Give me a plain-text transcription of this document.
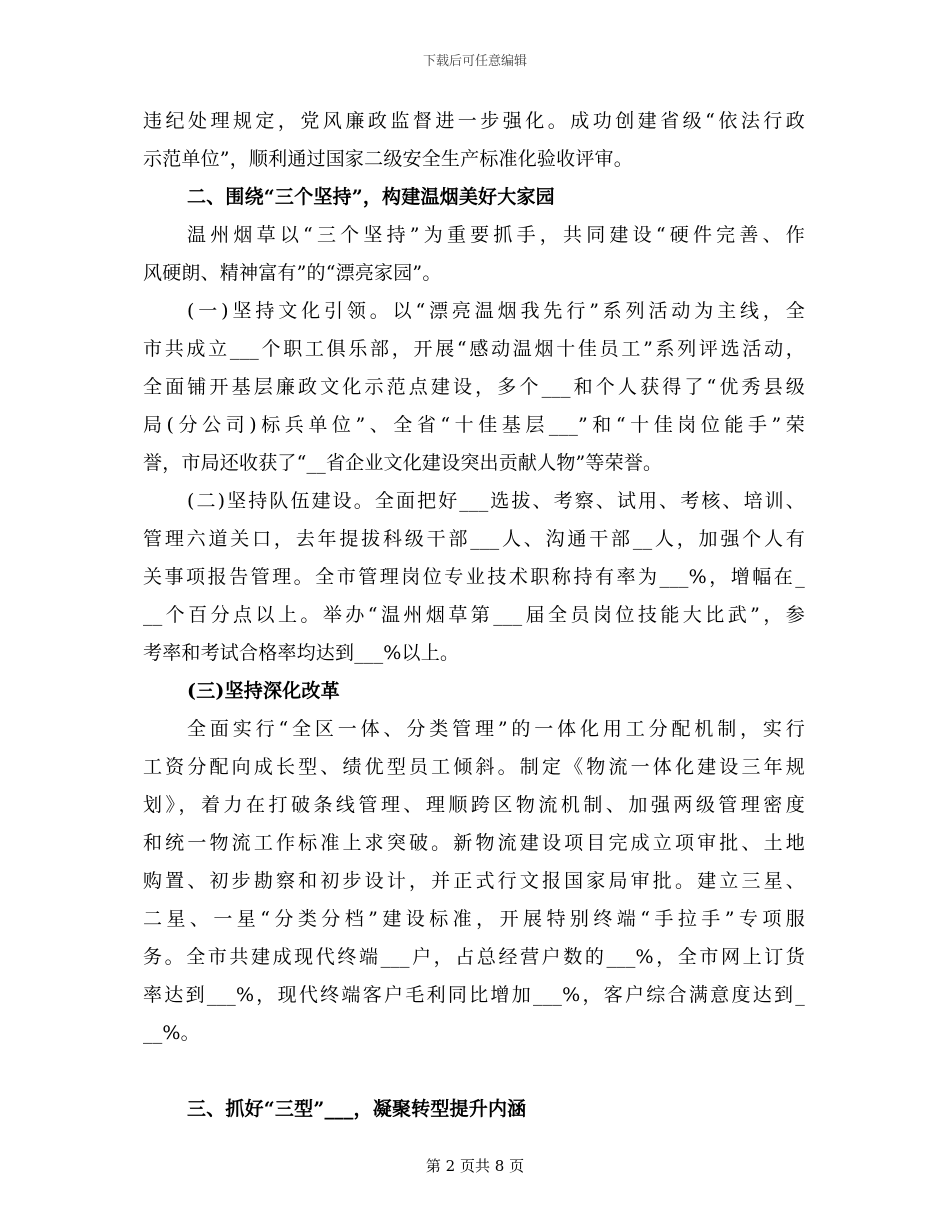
下载后可任意编辑
违纪处理规定，党风廉政监督进一步强化。成功创建省级“依法行政
示范单位”，顺利通过国家二级安全生产标准化验收评审。
二、围绕“三个坚持”，构建温烟美好大家园
温州烟草以“三个坚持”为重要抓手，共同建设“硬件完善、作
风硬朗、精神富有”的“漂亮家园”。
(一)坚持文化引领。以“漂亮温烟我先行”系列活动为主线，全
市共成立___个职工俱乐部，开展“感动温烟十佳员工”系列评选活动，
全面铺开基层廉政文化示范点建设，多个___和个人获得了“优秀县级
局(分公司)标兵单位”、全省“十佳基层___”和“十佳岗位能手”荣
誉，市局还收获了“__省企业文化建设突出贡献人物”等荣誉。
(二)坚持队伍建设。全面把好___选拔、考察、试用、考核、培训、
管理六道关口，去年提拔科级干部___人、沟通干部__人，加强个人有
关事项报告管理。全市管理岗位专业技术职称持有率为___%，增幅在_
__个百分点以上。举办“温州烟草第___届全员岗位技能大比武”，参
考率和考试合格率均达到___%以上。
(三)坚持深化改革
全面实行“全区一体、分类管理”的一体化用工分配机制，实行
工资分配向成长型、绩优型员工倾斜。制定《物流一体化建设三年规
划》，着力在打破条线管理、理顺跨区物流机制、加强两级管理密度
和统一物流工作标准上求突破。新物流建设项目完成立项审批、土地
购置、初步勘察和初步设计，并正式行文报国家局审批。建立三星、
二星、一星“分类分档”建设标准，开展特别终端“手拉手”专项服
务。全市共建成现代终端___户，占总经营户数的___%，全市网上订货
率达到___%，现代终端客户毛利同比增加___%，客户综合满意度达到_
__%。
三、抓好“三型”___，凝聚转型提升内涵
第 2 页共 8 页
